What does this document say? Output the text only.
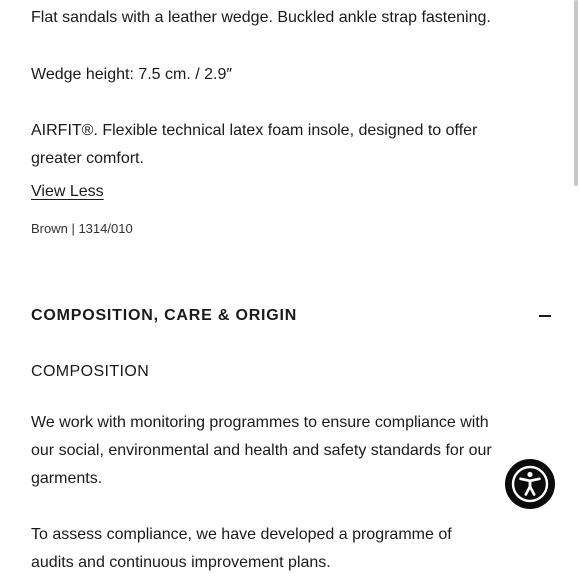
Flat sandals with a leather wedge. Buckled ankle strap fastening.

Wedge height: 7.5 cm. / 2.9″

AIRFIT®. Flexible technical latex foam insole, designed to offer

greater comfort.

View Less
Brown | 1314/010
COMPOSITION, CARE & ORIGIN
COMPOSITION

We work with monitoring programmes to ensure compliance with

our social, environmental and health and safety standards for our

garments.

To assess compliance, we have developed a programme of

audits and continuous improvement plans.
